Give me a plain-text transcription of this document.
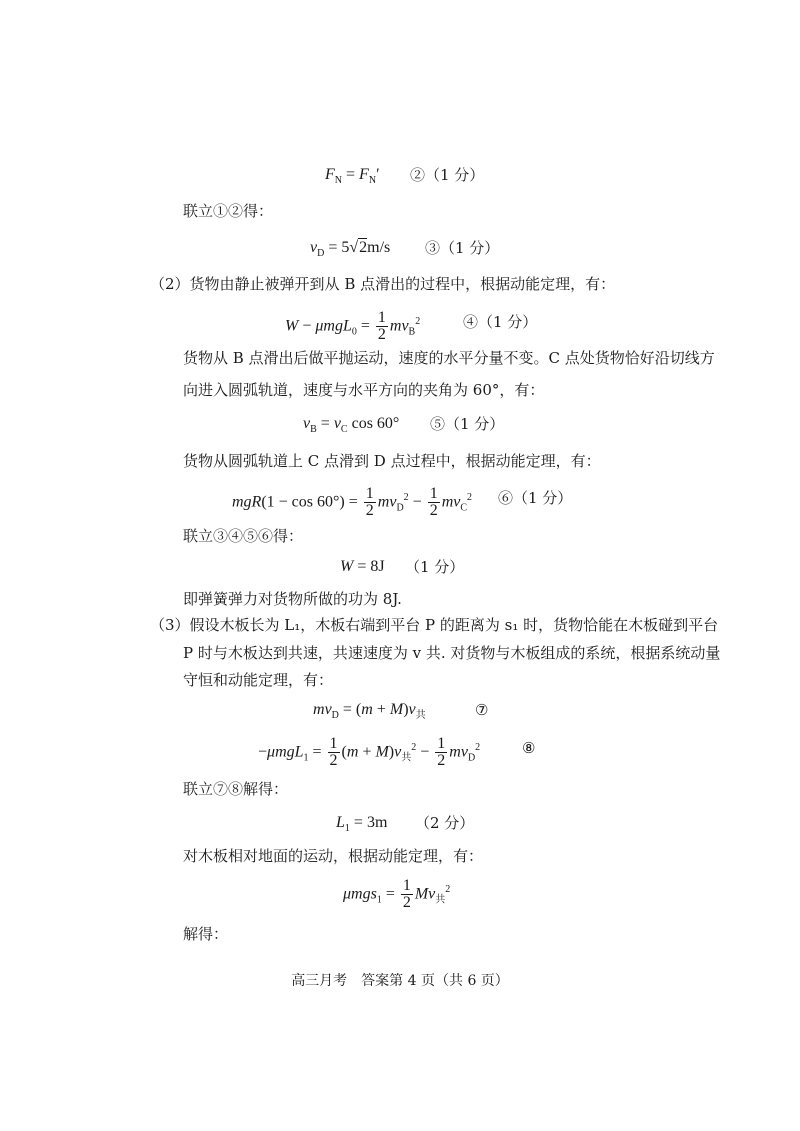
$F_N = F_N'$ ②（1 分）
联立①②得：
$v_D = 5√2m/s$ ③（1 分）
（2）货物由静止被弹开到从 B 点滑出的过程中，根据动能定理，有：
$W - \mu mgL_0 = \frac{1}{2} mv_B^2$	④（1 分）
货物从 B 点滑出后做平抛运动，速度的水平分量不变。C 点处货物恰好沿切线方
向进入圆弧轨道，速度与水平方向的夹角为 60°，有：
$v_B = v_C$ cos 60° ⑤（1 分）
货物从圆弧轨道上 C 点滑到 D 点过程中，根据动能定理，有：
$mgR(1 - \cos 60^\circ) = \frac{1}{2} mv_D^2 - \frac{1}{2} mv_C^2$ ⑥（1 分）
联立③④⑤⑥得：
W = 8J （1 分）
即弹簧弹力对货物所做的功为 8J.
（3）假设木板长为 L₁，木板右端到平台 P 的距离为 s₁ 时，货物恰能在木板碰到平台
P 时与木板达到共速，共速速度为 v 共. 对货物与木板组成的系统，根据系统动量
守恒和动能定理，有：
$mv_D = (m + M)v_共$	⑦
$-\mu mgL_1 = \frac{1}{2} (m + M)v_共^2 - \frac{1}{2} mv_D^2$	⑧
联立⑦⑧解得：
$L_1 = 3m$ （2 分）
对木板相对地面的运动，根据动能定理，有：
$\mu mgs_1 = \frac{1}{2} Mv_共^2$
解得：
高三月考　答案第 4 页（共 6 页）
